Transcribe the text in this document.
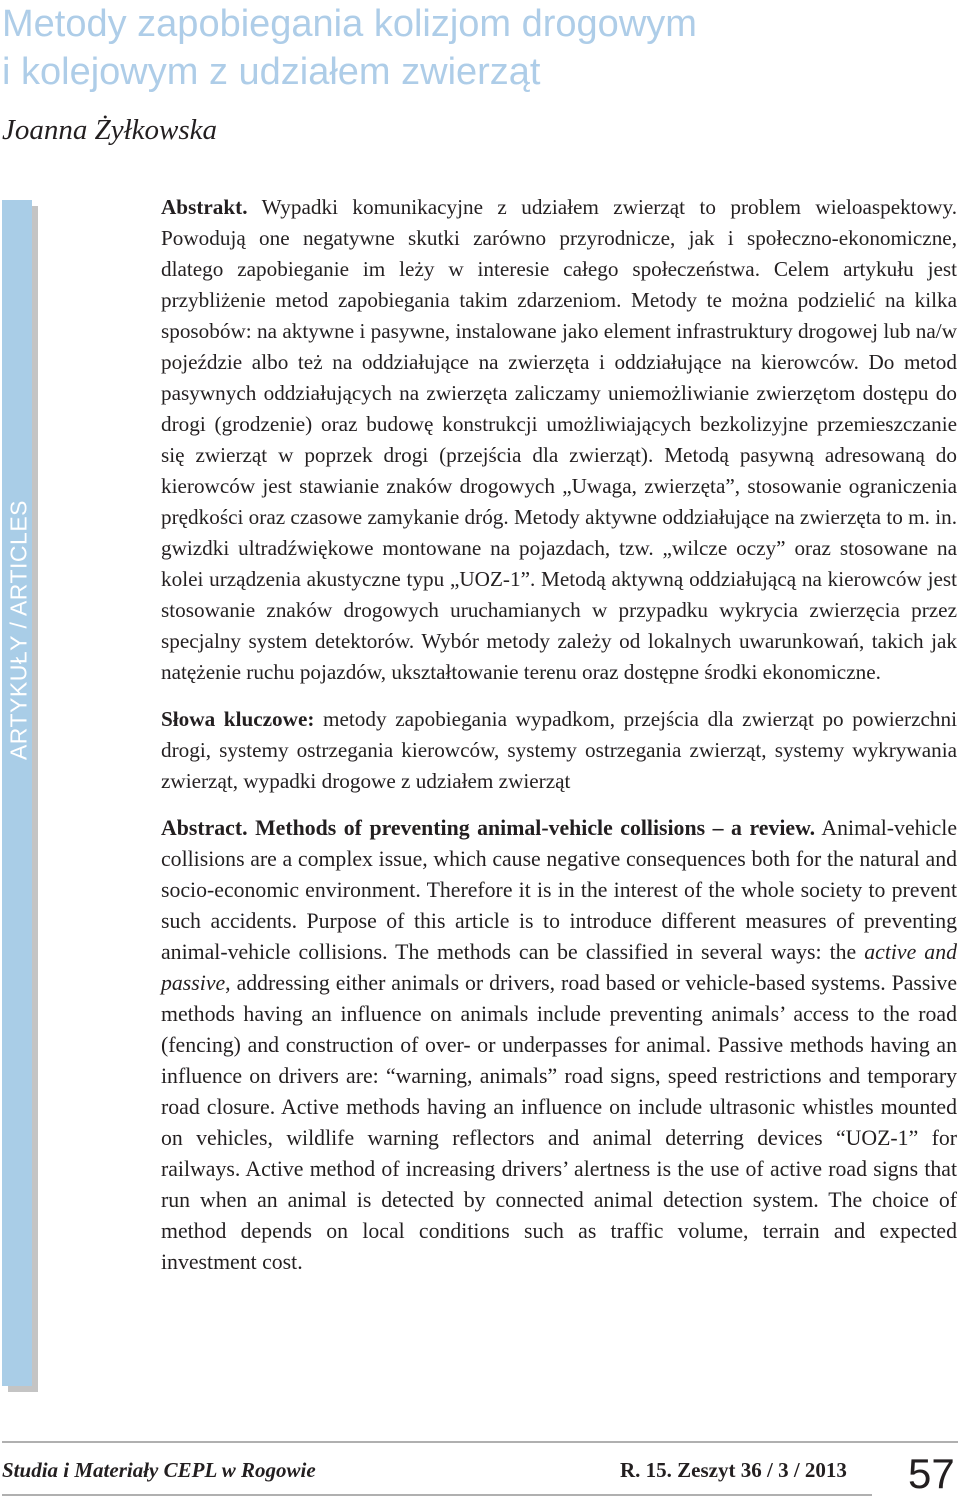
Metody zapobiegania kolizjom drogowym
i kolejowym z udziałem zwierząt

Joanna Żyłkowska

ARTYKUŁY / ARTICLES

Abstrakt. Wypadki komunikacyjne z udziałem zwierząt to problem wieloaspektowy. Powodują one negatywne skutki zarówno przyrodnicze, jak i społeczno-ekonomiczne, dlatego zapobieganie im leży w interesie całego społeczeństwa. Celem artykułu jest przybliżenie metod zapobiegania takim zdarzeniom. Metody te można podzielić na kilka sposobów: na aktywne i pasywne, instalowane jako element infrastruktury drogowej lub na/w pojeździe albo też na oddziałujące na zwierzęta i oddziałujące na kierowców. Do metod pasywnych oddziałujących na zwierzęta zaliczamy uniemożliwianie zwierzętom dostępu do drogi (grodzenie) oraz budowę konstrukcji umożliwiających bezkolizyjne przemieszczanie się zwierząt w poprzek drogi (przejścia dla zwierząt). Metodą pasywną adresowaną do kierowców jest stawianie znaków drogowych „Uwaga, zwierzęta”, stosowanie ograniczenia prędkości oraz czasowe zamykanie dróg. Metody aktywne oddziałujące na zwierzęta to m. in. gwizdki ultradźwiękowe montowane na pojazdach, tzw. „wilcze oczy” oraz stosowane na kolei urządzenia akustyczne typu „UOZ-1”. Metodą aktywną oddziałującą na kierowców jest stosowanie znaków drogowych uruchamianych w przypadku wykrycia zwierzęcia przez specjalny system detektorów. Wybór metody zależy od lokalnych uwarunkowań, takich jak natężenie ruchu pojazdów, ukształtowanie terenu oraz dostępne środki ekonomiczne.

Słowa kluczowe: metody zapobiegania wypadkom, przejścia dla zwierząt po powierzchni drogi, systemy ostrzegania kierowców, systemy ostrzegania zwierząt, systemy wykrywania zwierząt, wypadki drogowe z udziałem zwierząt

Abstract. Methods of preventing animal-vehicle collisions – a review. Animal-vehicle collisions are a complex issue, which cause negative consequences both for the natural and socio-economic environment. Therefore it is in the interest of the whole society to prevent such accidents. Purpose of this article is to introduce different measures of preventing animal-vehicle collisions. The methods can be classified in several ways: the active and passive, addressing either animals or drivers, road based or vehicle-based systems. Passive methods having an influence on animals include preventing animals’ access to the road (fencing) and construction of over- or underpasses for animal. Passive methods having an influence on drivers are: “warning, animals” road signs, speed restrictions and temporary road closure. Active methods having an influence on include ultrasonic whistles mounted on vehicles, wildlife warning reflectors and animal deterring devices “UOZ-1” for railways. Active method of increasing drivers’ alertness is the use of active road signs that run when an animal is detected by connected animal detection system. The choice of method depends on local conditions such as traffic volume, terrain and expected investment cost.

Studia i Materiały CEPL w Rogowie	R. 15. Zeszyt 36 / 3 / 2013 57
